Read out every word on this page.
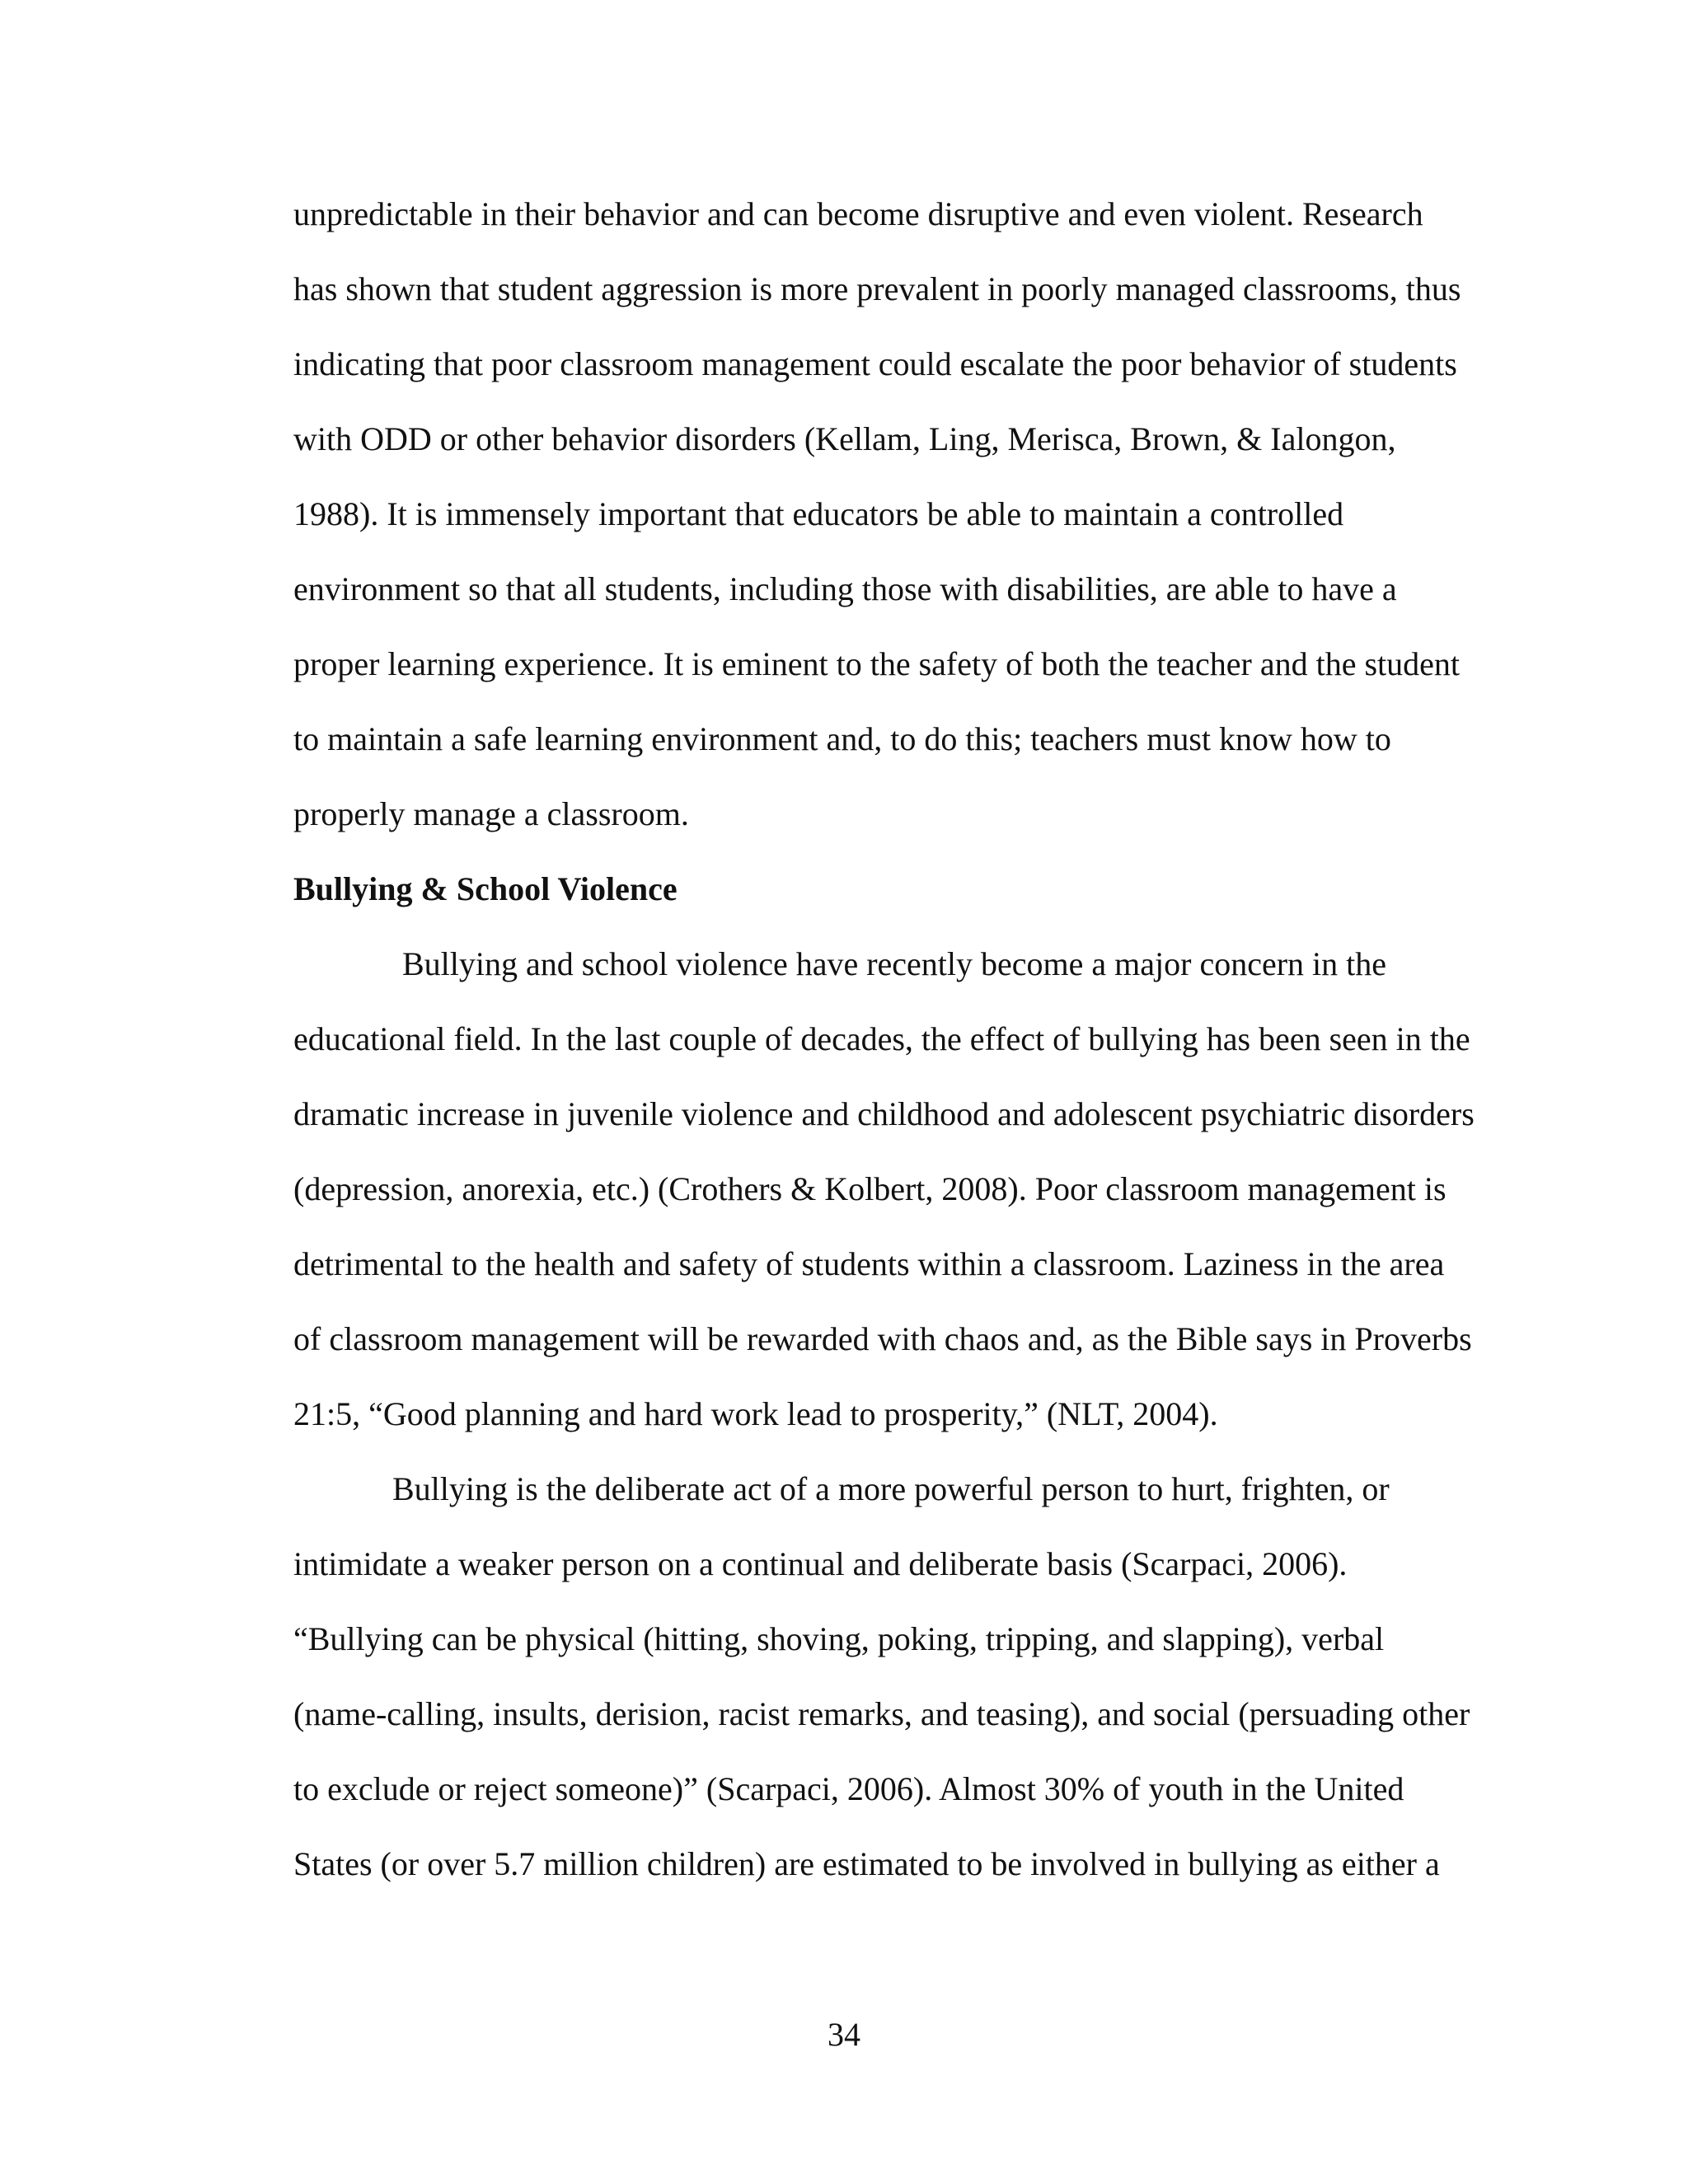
unpredictable in their behavior and can become disruptive and even violent. Research
has shown that student aggression is more prevalent in poorly managed classrooms, thus
indicating that poor classroom management could escalate the poor behavior of students
with ODD or other behavior disorders (Kellam, Ling, Merisca, Brown, & Ialongon,
1988). It is immensely important that educators be able to maintain a controlled
environment so that all students, including those with disabilities, are able to have a
proper learning experience. It is eminent to the safety of both the teacher and the student
to maintain a safe learning environment and, to do this; teachers must know how to
properly manage a classroom.
Bullying & School Violence
Bullying and school violence have recently become a major concern in the
educational field. In the last couple of decades, the effect of bullying has been seen in the
dramatic increase in juvenile violence and childhood and adolescent psychiatric disorders
(depression, anorexia, etc.) (Crothers & Kolbert, 2008). Poor classroom management is
detrimental to the health and safety of students within a classroom. Laziness in the area
of classroom management will be rewarded with chaos and, as the Bible says in Proverbs
21:5, “Good planning and hard work lead to prosperity,” (NLT, 2004).
Bullying is the deliberate act of a more powerful person to hurt, frighten, or
intimidate a weaker person on a continual and deliberate basis (Scarpaci, 2006).
“Bullying can be physical (hitting, shoving, poking, tripping, and slapping), verbal
(name-calling, insults, derision, racist remarks, and teasing), and social (persuading other
to exclude or reject someone)” (Scarpaci, 2006). Almost 30% of youth in the United
States (or over 5.7 million children) are estimated to be involved in bullying as either a
34
